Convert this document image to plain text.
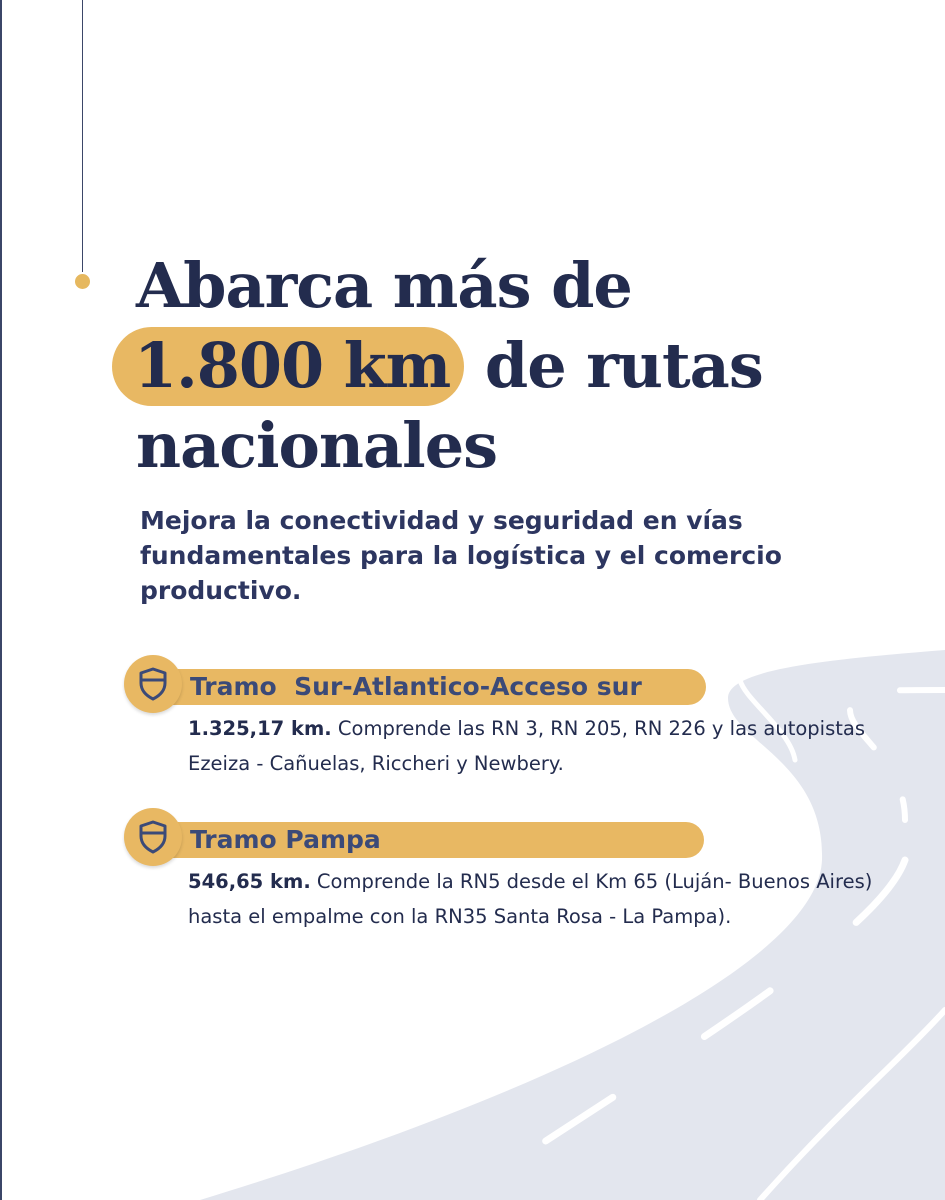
Abarca más de
1.800 km de rutas
nacionales

Mejora la conectividad y seguridad en vías fundamentales para la logística y el comercio productivo.

Tramo  Sur-Atlantico-Acceso sur

1.325,17 km. Comprende las RN 3, RN 205, RN 226 y las autopistas Ezeiza - Cañuelas, Riccheri y Newbery.

Tramo Pampa

546,65 km. Comprende la RN5 desde el Km 65 (Luján- Buenos Aires) hasta el empalme con la RN35 Santa Rosa - La Pampa).
